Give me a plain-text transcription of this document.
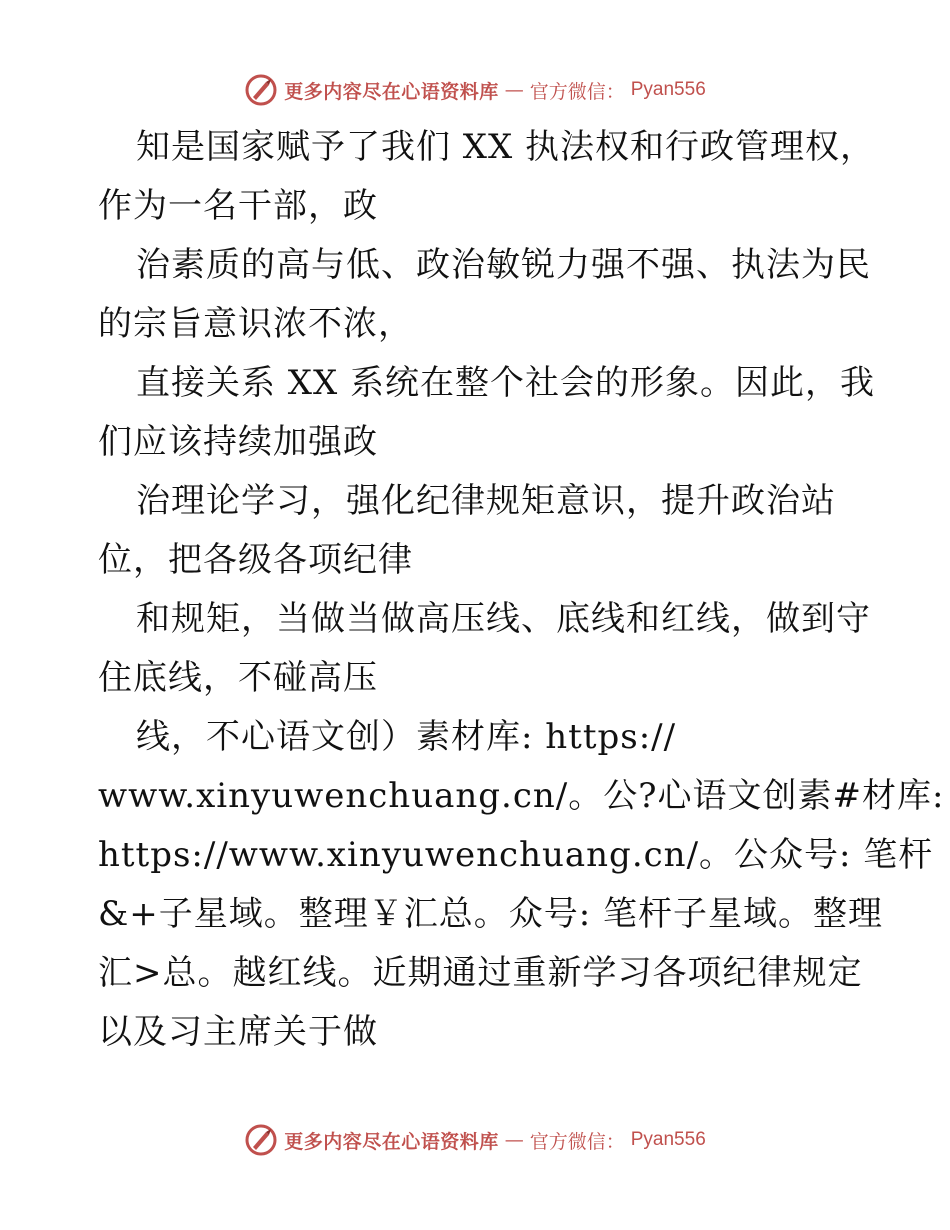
更多内容尽在心语资料库 — 官方微信： Pyan556
知是国家赋予了我们 XX 执法权和行政管理权，
作为一名干部，政
治素质的高与低、政治敏锐力强不强、执法为民
的宗旨意识浓不浓，
直接关系 XX 系统在整个社会的形象。因此，我
们应该持续加强政
治理论学习，强化纪律规矩意识，提升政治站
位，把各级各项纪律
和规矩，当做当做高压线、底线和红线，做到守
住底线，不碰高压
线，不心语文创）素材库: https://
www.xinyuwenchuang.cn/。公?心语文创素#材库:
https://www.xinyuwenchuang.cn/。公众号: 笔杆
&+子星域。整理￥汇总。众号: 笔杆子星域。整理
汇>总。越红线。近期通过重新学习各项纪律规定
以及习主席关于做
更多内容尽在心语资料库 — 官方微信： Pyan556
